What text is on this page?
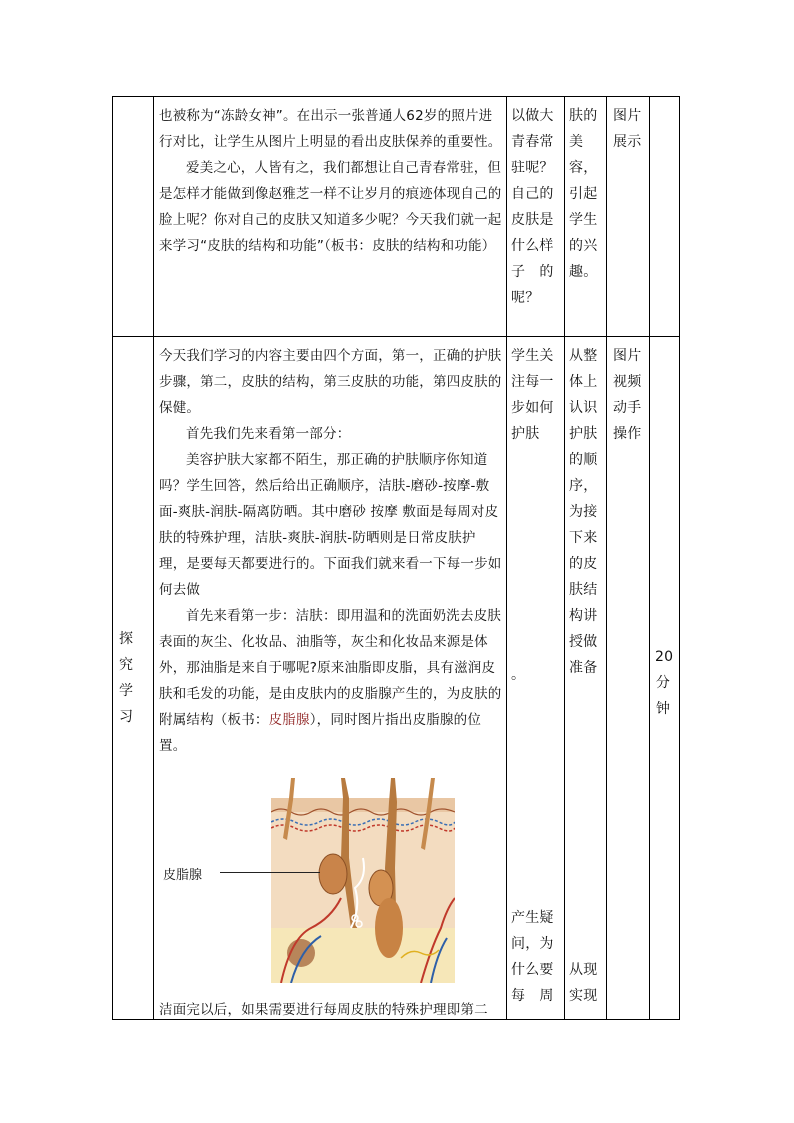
也被称为“冻龄女神”。在出示一张普通人62岁的照片进行对比，让学生从图片上明显的看出皮肤保养的重要性。

爱美之心，人皆有之，我们都想让自己青春常驻，但是怎样才能做到像赵雅芝一样不让岁月的痕迹体现自己的脸上呢？你对自己的皮肤又知道多少呢？今天我们就一起来学习“皮肤的结构和功能”（板书：皮肤的结构和功能）

以做大青春常驻呢？自己的皮肤是什么样子　的呢？
肤的美容，引起学生的兴趣。
图片展示
探究学习

今天我们学习的内容主要由四个方面，第一，正确的护肤步骤，第二，皮肤的结构，第三皮肤的功能，第四皮肤的保健。

首先我们先来看第一部分：

美容护肤大家都不陌生，那正确的护肤顺序你知道吗？学生回答，然后给出正确顺序，洁肤-磨砂-按摩-敷面-爽肤-润肤-隔离防晒。其中磨砂 按摩 敷面是每周对皮肤的特殊护理，洁肤-爽肤-润肤-防晒则是日常皮肤护理，是要每天都要进行的。下面我们就来看一下每一步如何去做

首先来看第一步：洁肤：即用温和的洗面奶洗去皮肤表面的灰尘、化妆品、油脂等，灰尘和化妆品来源是体外，那油脂是来自于哪呢?原来油脂即皮脂，具有滋润皮肤和毛发的功能，是由皮肤内的皮脂腺产生的，为皮肤的附属结构（板书：皮脂腺），同时图片指出皮脂腺的位置。

皮脂腺
洁面完以后，如果需要进行每周皮肤的特殊护理即第二
学生关注每一步如何护肤
。
产生疑问，为什么要每　周
从整体上认识护肤的顺序，为接下来的皮肤结构讲授做准备
从现实现
图片视频动手操作
20分钟
